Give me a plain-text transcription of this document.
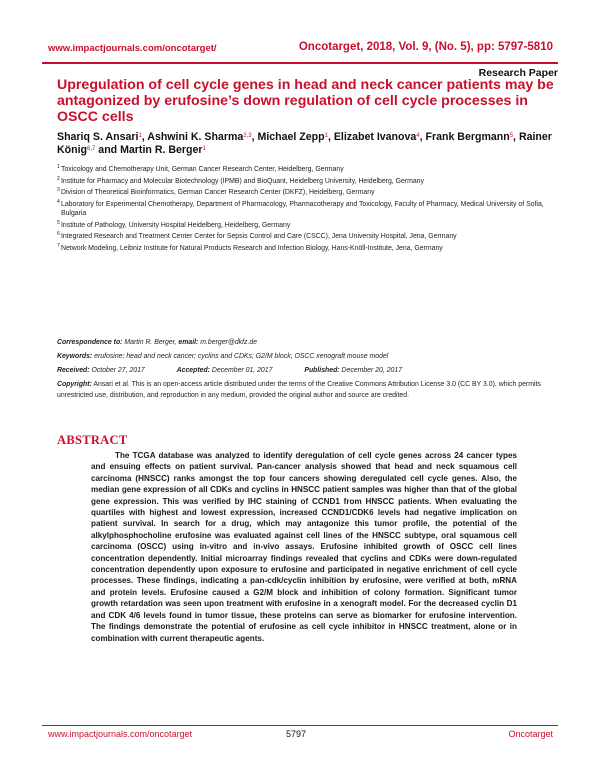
www.impactjournals.com/oncotarget/	Oncotarget, 2018, Vol. 9, (No. 5), pp: 5797-5810
Research Paper
Upregulation of cell cycle genes in head and neck cancer patients may be antagonized by erufosine’s down regulation of cell cycle processes in OSCC cells
Shariq S. Ansari$^1$, Ashwini K. Sharma$^{2,3}$, Michael Zepp$^1$, Elizabet Ivanova$^4$, Frank Bergmann$^5$, Rainer König$^{6,7}$ and Martin R. Berger$^1$
1 Toxicology and Chemotherapy Unit, German Cancer Research Center, Heidelberg, Germany
2 Institute for Pharmacy and Molecular Biotechnology (IPMB) and BioQuant, Heidelberg University, Heidelberg, Germany
3 Division of Theoretical Bioinformatics, German Cancer Research Center (DKFZ), Heidelberg, Germany
4 Laboratory for Experimental Chemotherapy, Department of Pharmacology, Pharmacotherapy and Toxicology, Faculty of Pharmacy, Medical University of Sofia, Bulgaria
5 Institute of Pathology, University Hospital Heidelberg, Heidelberg, Germany
6 Integrated Research and Treatment Center Center for Sepsis Control and Care (CSCC), Jena University Hospital, Jena, Germany
7 Network Modeling, Leibniz Institute for Natural Products Research and Infection Biology, Hans-Knöll-Institute, Jena, Germany
Correspondence to: Martin R. Berger, email: m.berger@dkfz.de
Keywords: erufosine; head and neck cancer; cyclins and CDKs; G2/M block; OSCC xenograft mouse model
Received: October 27, 2017	Accepted: December 01, 2017	Published: December 20, 2017
Copyright: Ansari et al. This is an open-access article distributed under the terms of the Creative Commons Attribution License 3.0 (CC BY 3.0), which permits unrestricted use, distribution, and reproduction in any medium, provided the original author and source are credited.
ABSTRACT
The TCGA database was analyzed to identify deregulation of cell cycle genes across 24 cancer types and ensuing effects on patient survival. Pan-cancer analysis showed that head and neck squamous cell carcinoma (HNSCC) ranks amongst the top four cancers showing deregulated cell cycle genes. Also, the median gene expression of all CDKs and cyclins in HNSCC patient samples was higher than that of the global gene expression. This was verified by IHC staining of CCND1 from HNSCC patients. When evaluating the quartiles with highest and lowest expression, increased CCND1/CDK6 levels had negative implication on patient survival. In search for a drug, which may antagonize this tumor profile, the potential of the alkylphosphocholine erufosine was evaluated against cell lines of the HNSCC subtype, oral squamous cell carcinoma (OSCC) using in-vitro and in-vivo assays. Erufosine inhibited growth of OSCC cell lines concentration dependently. Initial microarray findings revealed that cyclins and CDKs were down-regulated concentration dependently upon exposure to erufosine and participated in negative enrichment of cell cycle processes. These findings, indicating a pan-cdk/cyclin inhibition by erufosine, were verified at both, mRNA and protein levels. Erufosine caused a G2/M block and inhibition of colony formation. Significant tumor growth retardation was seen upon treatment with erufosine in a xenograft model. For the decreased cyclin D1 and CDK 4/6 levels found in tumor tissue, these proteins can serve as biomarker for erufosine intervention. The findings demonstrate the potential of erufosine as cell cycle inhibitor in HNSCC treatment, alone or in combination with current therapeutic agents.
www.impactjournals.com/oncotarget	5797	Oncotarget
